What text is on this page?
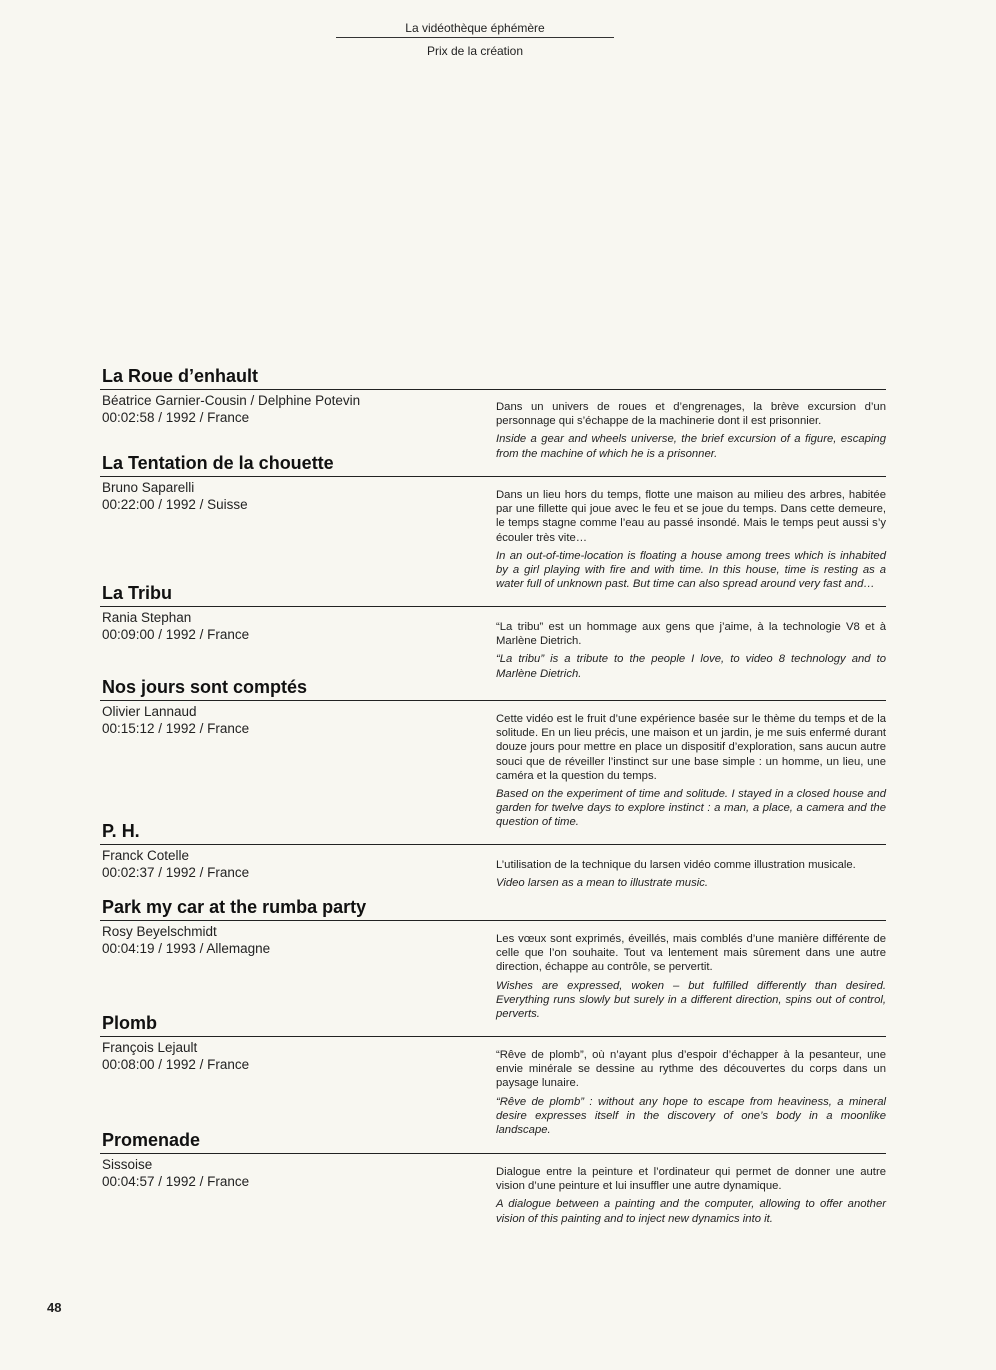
La vidéothèque éphémère
Prix de la création
La Roue d’enhault
Béatrice Garnier-Cousin / Delphine Potevin
00:02:58 / 1992 / France

Dans un univers de roues et d’engrenages, la brève excursion d’un personnage qui s’échappe de la machinerie dont il est prisonnier.

Inside a gear and wheels universe, the brief excursion of a figure, escaping from the machine of which he is a prisonner.

La Tentation de la chouette
Bruno Saparelli
00:22:00 / 1992 / Suisse

Dans un lieu hors du temps, flotte une maison au milieu des arbres, habitée par une fillette qui joue avec le feu et se joue du temps. Dans cette demeure, le temps stagne comme l’eau au passé insondé. Mais le temps peut aussi s’y écouler très vite…

In an out-of-time-location is floating a house among trees which is inhabited by a girl playing with fire and with time. In this house, time is resting as a water full of unknown past. But time can also spread around very fast and…

La Tribu
Rania Stephan
00:09:00 / 1992 / France	“La tribu” est un hommage aux gens que j’aime, à la technologie V8 et à Marlène Dietrich.

“La tribu” is a tribute to the people I love, to video 8 technology and to Marlène Dietrich.

Nos jours sont comptés
Olivier Lannaud
00:15:12 / 1992 / France

Cette vidéo est le fruit d’une expérience basée sur le thème du temps et de la solitude. En un lieu précis, une maison et un jardin, je me suis enfermé durant douze jours pour mettre en place un dispositif d’exploration, sans aucun autre souci que de réveiller l’instinct sur une base simple : un homme, un lieu, une caméra et la question du temps.

Based on the experiment of time and solitude. I stayed in a closed house and garden for twelve days to explore instinct : a man, a place, a camera and the question of time.

P. H.
Franck Cotelle
00:02:37 / 1992 / France	L’utilisation de la technique du larsen vidéo comme illustration musicale.

Video larsen as a mean to illustrate music.

Park my car at the rumba party
Rosy Beyelschmidt
00:04:19 / 1993 / Allemagne

Les vœux sont exprimés, éveillés, mais comblés d’une manière différente de celle que l’on souhaite. Tout va lentement mais sûrement dans une autre direction, échappe au contrôle, se pervertit.

Wishes are expressed, woken – but fulfilled differently than desired. Everything runs slowly but surely in a different direction, spins out of control, perverts.

Plomb
François Lejault
00:08:00 / 1992 / France

“Rêve de plomb”, où n’ayant plus d’espoir d’échapper à la pesanteur, une envie minérale se dessine au rythme des découvertes du corps dans un paysage lunaire.

“Rêve de plomb” : without any hope to escape from heaviness, a mineral desire expresses itself in the discovery of one’s body in a moonlike landscape.

Promenade
Sissoise
00:04:57 / 1992 / France

Dialogue entre la peinture et l’ordinateur qui permet de donner une autre vision d’une peinture et lui insuffler une autre dynamique.

A dialogue between a painting and the computer, allowing to offer another vision of this painting and to inject new dynamics into it.

48
